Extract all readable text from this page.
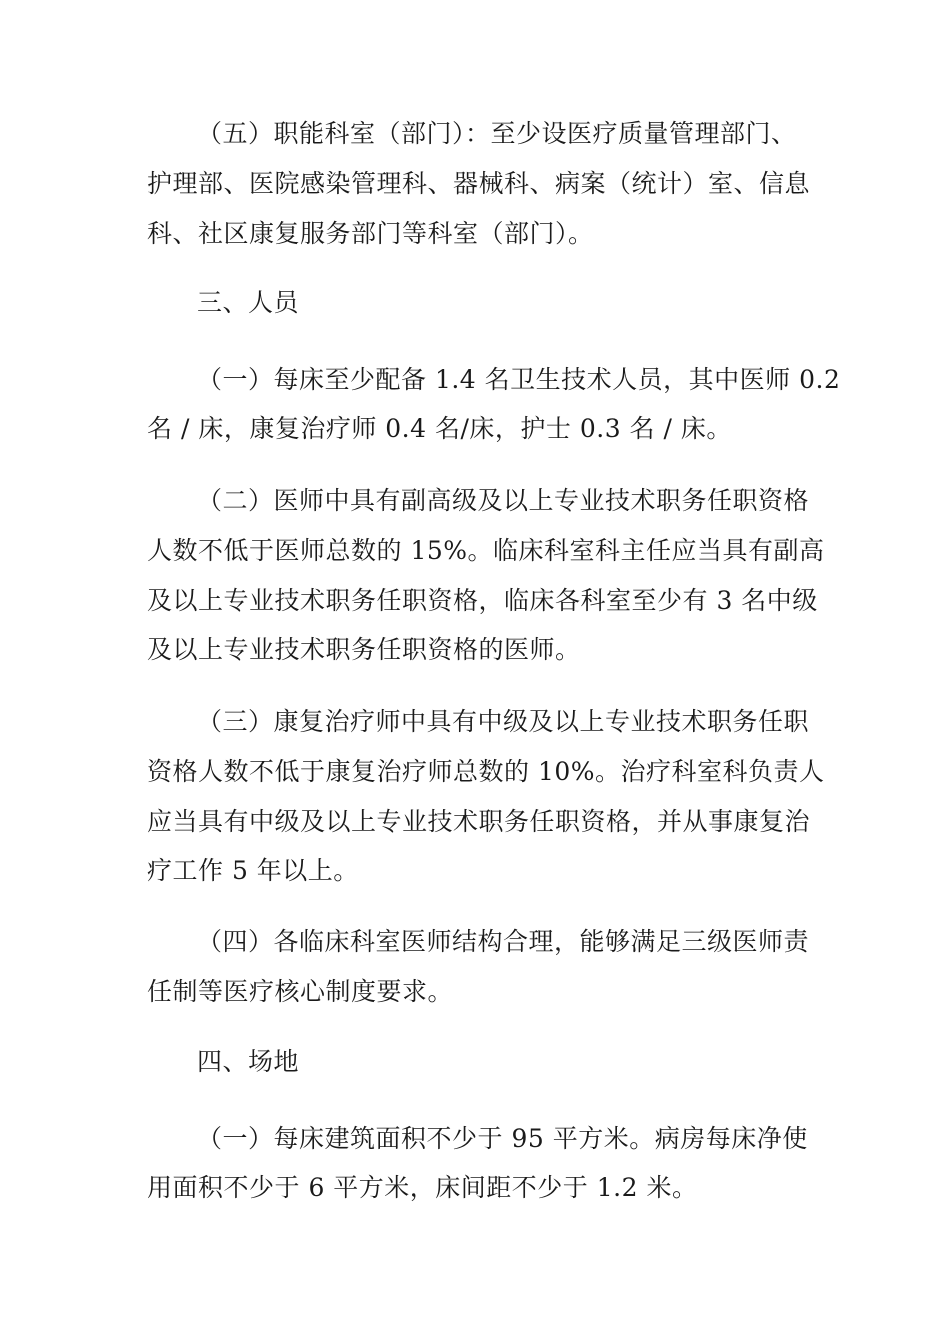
（五）职能科室（部门）：至少设医疗质量管理部门、
护理部、医院感染管理科、器械科、病案（统计）室、信息
科、社区康复服务部门等科室（部门）。
三、人员
（一）每床至少配备 1.4 名卫生技术人员，其中医师 0.2
名 / 床，康复治疗师 0.4 名/床，护士 0.3 名 / 床。
（二）医师中具有副高级及以上专业技术职务任职资格
人数不低于医师总数的 15%。临床科室科主任应当具有副高
及以上专业技术职务任职资格，临床各科室至少有 3 名中级
及以上专业技术职务任职资格的医师。
（三）康复治疗师中具有中级及以上专业技术职务任职
资格人数不低于康复治疗师总数的 10%。治疗科室科负责人
应当具有中级及以上专业技术职务任职资格，并从事康复治
疗工作 5 年以上。
（四）各临床科室医师结构合理，能够满足三级医师责
任制等医疗核心制度要求。
四、场地
（一）每床建筑面积不少于 95 平方米。病房每床净使
用面积不少于 6 平方米，床间距不少于 1.2 米。
